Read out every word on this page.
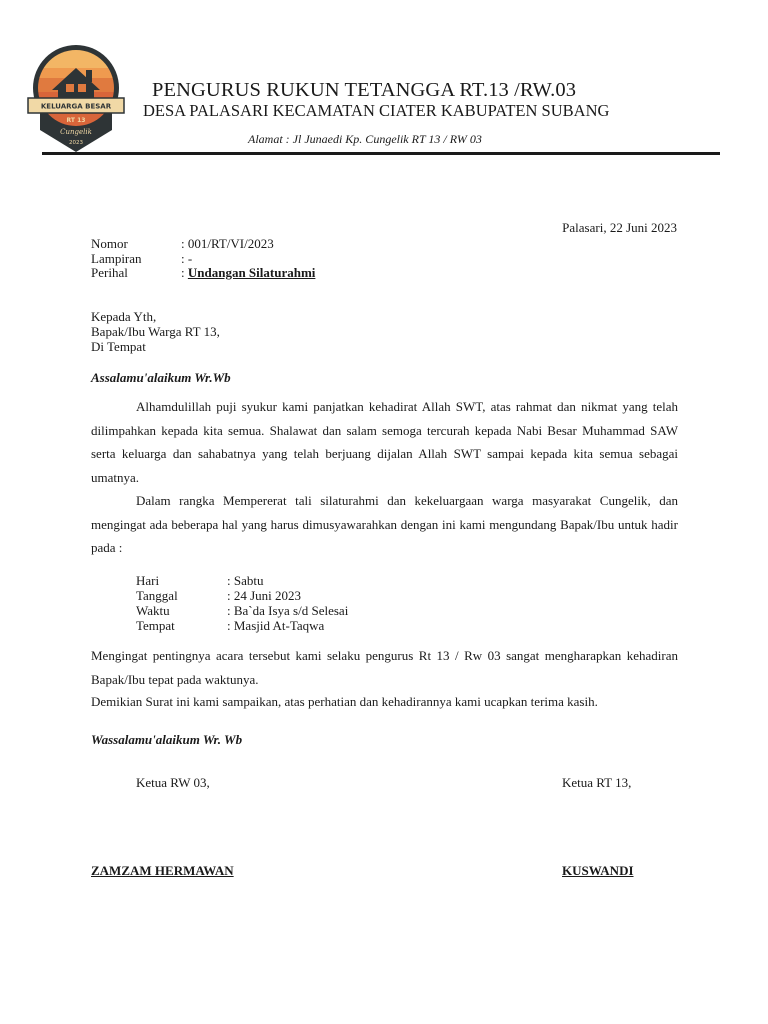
KELUARGA BESAR
RT 13
Cungelik
2023
PENGURUS RUKUN TETANGGA RT.13 /RW.03
DESA PALASARI KECAMATAN CIATER KABUPATEN SUBANG
Alamat : Jl Junaedi Kp. Cungelik RT 13 / RW 03
Palasari, 22 Juni 2023
Nomor	: 001/RT/VI/2023
Lampiran	: -
Perihal	: Undangan Silaturahmi
Kepada Yth,
Bapak/Ibu Warga RT 13,
Di Tempat
Assalamu'alaikum Wr.Wb

Alhamdulillah puji syukur kami panjatkan kehadirat Allah SWT, atas rahmat dan nikmat yang telah dilimpahkan kepada kita semua. Shalawat dan salam semoga tercurah kepada Nabi Besar Muhammad SAW serta keluarga dan sahabatnya yang telah berjuang dijalan Allah SWT sampai kepada kita semua sebagai umatnya.

Dalam rangka Mempererat tali silaturahmi dan kekeluargaan warga masyarakat Cungelik, dan mengingat ada beberapa hal yang harus dimusyawarahkan dengan ini kami mengundang Bapak/Ibu untuk hadir pada :

Hari	: Sabtu
Tanggal	: 24 Juni 2023
Waktu	: Ba`da Isya s/d Selesai
Tempat	: Masjid At-Taqwa
Mengingat pentingnya acara tersebut kami selaku pengurus Rt 13 / Rw 03 sangat mengharapkan kehadiran Bapak/Ibu tepat pada waktunya.
Demikian Surat ini kami sampaikan, atas perhatian dan kehadirannya kami ucapkan terima kasih.
Wassalamu'alaikum Wr. Wb
Ketua RW 03,	Ketua RT 13,
ZAMZAM HERMAWAN	KUSWANDI
